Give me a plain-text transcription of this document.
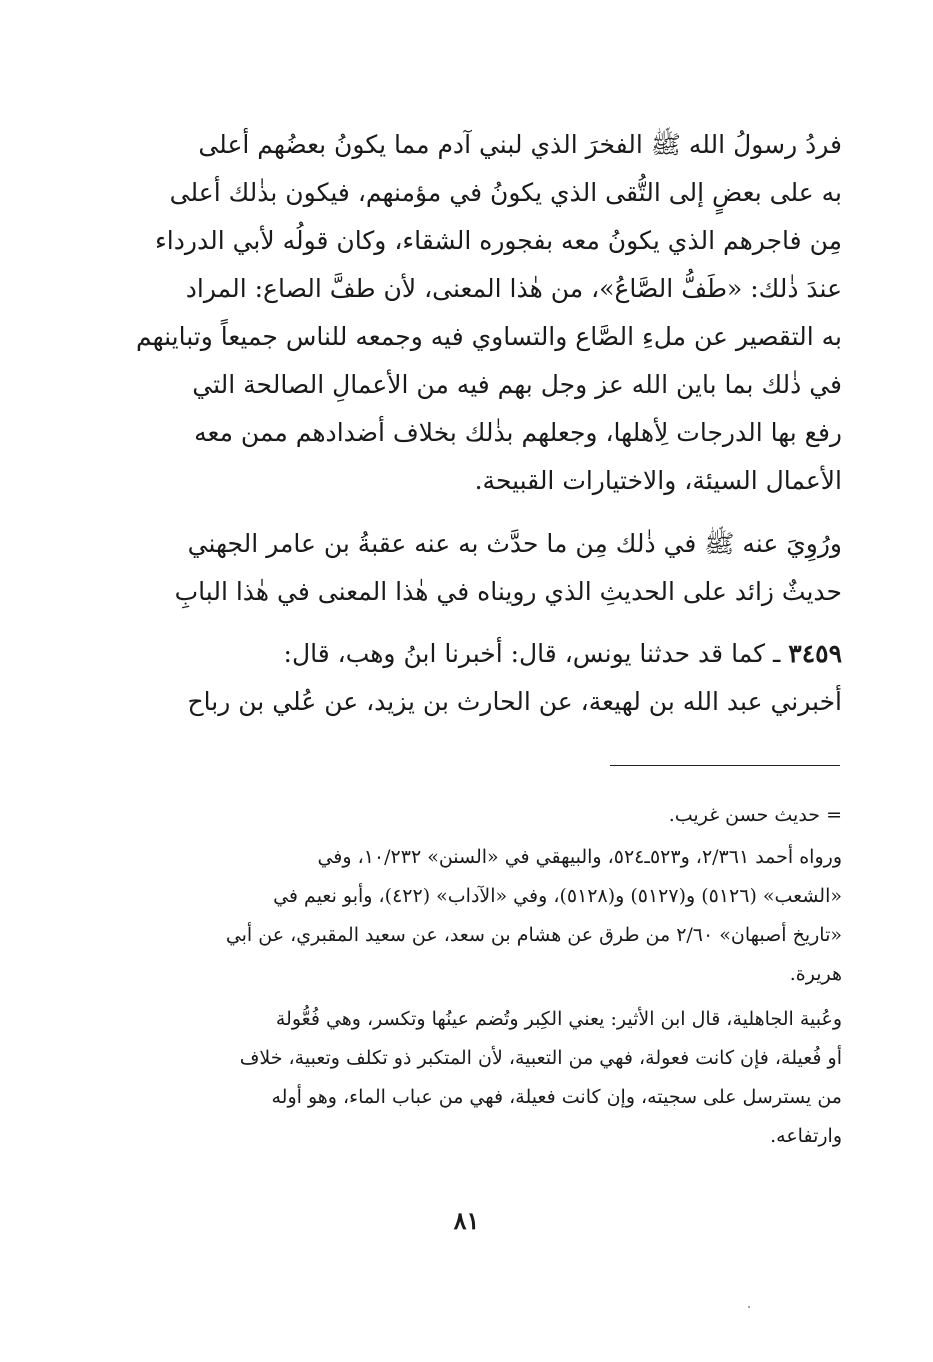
فردُ رسولُ الله ﷺ الفخرَ الذي لبني آدم مما يكونُ بعضُهم أعلى
به على بعضٍ إلى التُّقى الذي يكونُ في مؤمنهم، فيكون بذٰلك أعلى
مِن فاجرهم الذي يكونُ معه بفجوره الشقاء، وكان قولُه لأبي الدرداء
عندَ ذٰلك: «طَفُّ الصَّاعُ»، من هٰذا المعنى، لأن طفَّ الصاع: المراد
به التقصير عن ملءِ الصَّاع والتساوي فيه وجمعه للناس جميعاً وتباينهم
في ذٰلك بما باين الله عز وجل بهم فيه من الأعمالِ الصالحة التي
رفع بها الدرجات لِأهلها، وجعلهم بذٰلك بخلاف أضدادهم ممن معه
الأعمال السيئة، والاختيارات القبيحة.
ورُوِيَ عنه ﷺ في ذٰلك مِن ما حدَّث به عنه عقبةُ بن عامر الجهني
حديثٌ زائد على الحديثِ الذي رويناه في هٰذا المعنى في هٰذا البابِ
٣٤٥٩ ـ كما قد حدثنا يونس، قال: أخبرنا ابنُ وهب، قال:
أخبرني عبد الله بن لهيعة، عن الحارث بن يزيد، عن عُلي بن رباح
= حديث حسن غريب.
ورواه أحمد ٢/٣٦١، و٥٢٣ـ٥٢٤، والبيهقي في «السنن» ١٠/٢٣٢، وفي
«الشعب» (٥١٢٦) و(٥١٢٧) و(٥١٢٨)، وفي «الآداب» (٤٢٢)، وأبو نعيم في
«تاريخ أصبهان» ٢/٦٠ من طرق عن هشام بن سعد، عن سعيد المقبري، عن أبي
هريرة.
وعُبية الجاهلية، قال ابن الأثير: يعني الكِبر وتُضم عينُها وتكسر، وهي فُعُّولة
أو فُعيلة، فإن كانت فعولة، فهي من التعبية، لأن المتكبر ذو تكلف وتعبية، خلاف
من يسترسل على سجيته، وإن كانت فعيلة، فهي من عباب الماء، وهو أوله
وارتفاعه.
٨١
